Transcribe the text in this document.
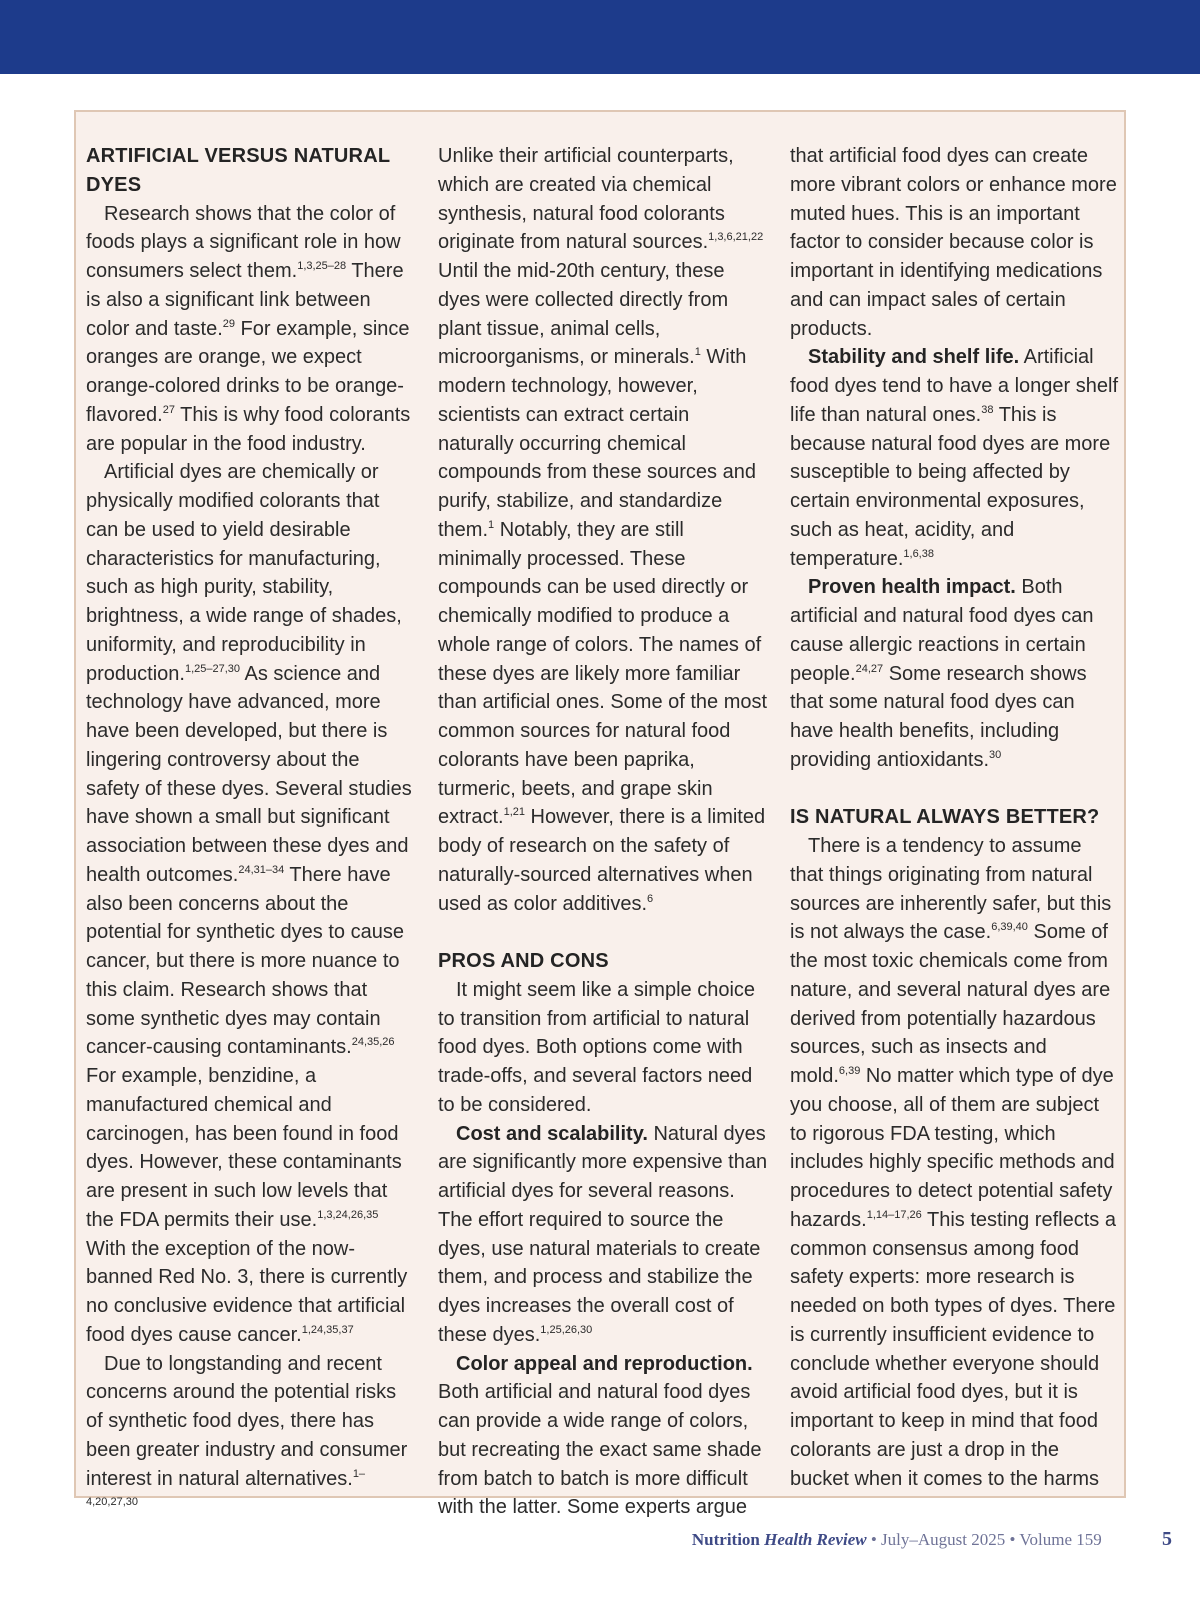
ARTIFICIAL VERSUS NATURAL DYES

Research shows that the color of foods plays a significant role in how consumers select them.$^{1,3,25-28}$ There is also a significant link between color and taste.$^{29}$ For example, since oranges are orange, we expect orange-colored drinks to be orange-flavored.$^{27}$ This is why food colorants are popular in the food industry.

Artificial dyes are chemically or physically modified colorants that can be used to yield desirable characteristics for manufacturing, such as high purity, stability, brightness, a wide range of shades, uniformity, and reproducibility in production.$^{1,25-27,30}$ As science and technology have advanced, more have been developed, but there is lingering controversy about the safety of these dyes. Several studies have shown a small but significant association between these dyes and health outcomes.$^{24,31-34}$ There have also been concerns about the potential for synthetic dyes to cause cancer, but there is more nuance to this claim. Research shows that some synthetic dyes may contain cancer-causing contaminants.$^{24,35,26}$ For example, benzidine, a manufactured chemical and carcinogen, has been found in food dyes. However, these contaminants are present in such low levels that the FDA permits their use.$^{1,3,24,26,35}$ With the exception of the now-banned Red No. 3, there is currently no conclusive evidence that artificial food dyes cause cancer.$^{1,24,35,37}$

Due to longstanding and recent concerns around the potential risks of synthetic food dyes, there has been greater industry and consumer interest in natural alternatives.$^{1-4,20,27,30}$

Unlike their artificial counterparts, which are created via chemical synthesis, natural food colorants originate from natural sources.$^{1,3,6,21,22}$ Until the mid-20th century, these dyes were collected directly from plant tissue, animal cells, microorganisms, or minerals.$^1$ With modern technology, however, scientists can extract certain naturally occurring chemical compounds from these sources and purify, stabilize, and standardize them.$^1$ Notably, they are still minimally processed. These compounds can be used directly or chemically modified to produce a whole range of colors. The names of these dyes are likely more familiar than artificial ones. Some of the most common sources for natural food colorants have been paprika, turmeric, beets, and grape skin extract.$^{1,21}$ However, there is a limited body of research on the safety of naturally-sourced alternatives when used as color additives.$^6$

PROS AND CONS

It might seem like a simple choice to transition from artificial to natural food dyes. Both options come with trade-offs, and several factors need to be considered.

Cost and scalability. Natural dyes are significantly more expensive than artificial dyes for several reasons. The effort required to source the dyes, use natural materials to create them, and process and stabilize the dyes increases the overall cost of these dyes.$^{1,25,26,30}$

Color appeal and reproduction. Both artificial and natural food dyes can provide a wide range of colors, but recreating the exact same shade from batch to batch is more difficult with the latter. Some experts argue

that artificial food dyes can create more vibrant colors or enhance more muted hues. This is an important factor to consider because color is important in identifying medications and can impact sales of certain products.

Stability and shelf life. Artificial food dyes tend to have a longer shelf life than natural ones.$^{38}$ This is because natural food dyes are more susceptible to being affected by certain environmental exposures, such as heat, acidity, and temperature.$^{1,6,38}$

Proven health impact. Both artificial and natural food dyes can cause allergic reactions in certain people.$^{24,27}$ Some research shows that some natural food dyes can have health benefits, including providing antioxidants.$^{30}$

IS NATURAL ALWAYS BETTER?

There is a tendency to assume that things originating from natural sources are inherently safer, but this is not always the case.$^{6,39,40}$ Some of the most toxic chemicals come from nature, and several natural dyes are derived from potentially hazardous sources, such as insects and mold.$^{6,39}$ No matter which type of dye you choose, all of them are subject to rigorous FDA testing, which includes highly specific methods and procedures to detect potential safety hazards.$^{1,14-17,26}$ This testing reflects a common consensus among food safety experts: more research is needed on both types of dyes. There is currently insufficient evidence to conclude whether everyone should avoid artificial food dyes, but it is important to keep in mind that food colorants are just a drop in the bucket when it comes to the harms

Nutrition Health Review • July–August 2025 • Volume 159	5
